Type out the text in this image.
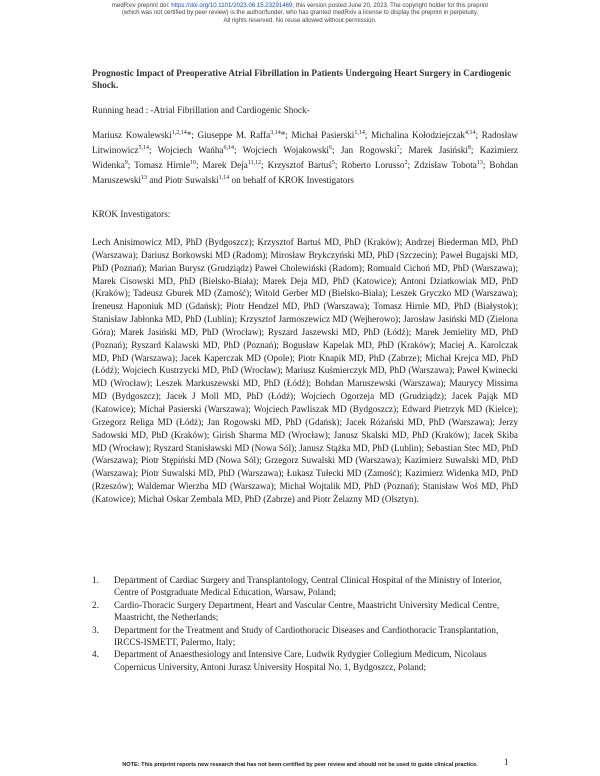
medRxiv preprint doi: https://doi.org/10.1101/2023.06.15.23291469; this version posted June 20, 2023. The copyright holder for this preprint
(which was not certified by peer review) is the author/funder, who has granted medRxiv a license to display the preprint in perpetuity.
All rights reserved. No reuse allowed without permission.
Prognostic Impact of Preoperative Atrial Fibrillation in Patients Undergoing Heart Surgery in Cardiogenic Shock.
Running head : -Atrial Fibrillation and Cardiogenic Shock-
Mariusz Kowalewski$^{1,2,14}$*; Giuseppe M. Raffa$^{3,14}$*; Michał Pasierski$^{1,14}$; Michalina Kołodziejczak$^{4,14}$; Radosław Litwinowicz$^{5,14}$; Wojciech Wańha$^{6,14}$; Wojciech Wojakowski$^6$; Jan Rogowski$^7$; Marek Jasiński$^8$; Kazimierz Widenka$^9$; Tomasz Hirnle$^{10}$; Marek Deja$^{11,12}$; Krzysztof Bartuś$^5$; Roberto Lorusso$^2$; Zdzisław Tobota$^{13}$; Bohdan Maruszewski$^{13}$ and Piotr Suwalski$^{1,14}$ on behalf of KROK Investigators
KROK Investigators:
Lech Anisimowicz MD, PhD (Bydgoszcz); Krzysztof Bartuś MD, PhD (Kraków); Andrzej Biederman MD, PhD (Warszawa); Dariusz Borkowski MD (Radom); Mirosław Brykczyński MD, PhD (Szczecin); Paweł Bugajski MD, PhD (Poznań); Marian Burysz (Grudziądz) Paweł Cholewiński (Radom); Romuald Cichoń MD, PhD (Warszawa); Marek Cisowski MD, PhD (Bielsko-Biała); Marek Deja MD, PhD (Katowice); Antoni Dziatkowiak MD, PhD (Kraków); Tadeusz Gburek MD (Zamość); Witold Gerber MD (Bielsko-Biała); Leszek Gryczko MD (Warszawa); Ireneusz Haponiuk MD (Gdańsk); Piotr Hendzel MD, PhD (Warszawa); Tomasz Hirnle MD, PhD (Białystok); Stanisław Jabłonka MD, PhD (Lublin); Krzysztof Jarmoszewicz MD (Wejherowo); Jarosław Jasiński MD (Zielona Góra); Marek Jasiński MD, PhD (Wrocław); Ryszard Jaszewski MD, PhD (Łódź); Marek Jemielity MD, PhD (Poznań); Ryszard Kalawski MD, PhD (Poznań); Bogusław Kapelak MD, PhD (Kraków); Maciej A. Karolczak MD, PhD (Warszawa); Jacek Kaperczak MD (Opole); Piotr Knapik MD, PhD (Zabrze); Michał Krejca MD, PhD (Łódź); Wojciech Kustrzycki MD, PhD (Wrocław); Mariusz Kuśmierczyk MD, PhD (Warszawa); Paweł Kwinecki MD (Wrocław); Leszek Markuszewski MD, PhD (Łódź); Bohdan Maruszewski (Warszawa); Maurycy Missima MD (Bydgoszcz); Jacek J Moll MD, PhD (Łódź); Wojciech Ogorzeja MD (Grudziądz); Jacek Pająk MD (Katowice); Michał Pasierski (Warszawa); Wojciech Pawliszak MD (Bydgoszcz); Edward Pietrzyk MD (Kielce); Grzegorz Religa MD (Łódź); Jan Rogowski MD, PhD (Gdańsk); Jacek Różański MD, PhD (Warszawa); Jerzy Sadowski MD, PhD (Kraków); Girish Sharma MD (Wrocław); Janusz Skalski MD, PhD (Kraków); Jacek Skiba MD (Wrocław); Ryszard Stanisławski MD (Nowa Sól); Janusz Stążka MD, PhD (Lublin); Sebastian Stec MD, PhD (Warszawa); Piotr Stępiński MD (Nowa Sól); Grzegorz Suwalski MD (Warszawa); Kazimierz Suwalski MD, PhD (Warszawa); Piotr Suwalski MD, PhD (Warszawa); Łukasz Tułecki MD (Zamość); Kazimierz Widenka MD, PhD (Rzeszów); Waldemar Wierzba MD (Warszawa); Michał Wojtalik MD, PhD (Poznań); Stanisław Woś MD, PhD (Katowice); Michał Oskar Zembala MD, PhD (Zabrze) and Piotr Żelazny MD (Olsztyn).
1. Department of Cardiac Surgery and Transplantology, Central Clinical Hospital of the Ministry of Interior, Centre of Postgraduate Medical Education, Warsaw, Poland;
2. Cardio-Thoracic Surgery Department, Heart and Vascular Centre, Maastricht University Medical Centre, Maastricht, the Netherlands;
3. Department for the Treatment and Study of Cardiothoracic Diseases and Cardiothoracic Transplantation, IRCCS-ISMETT, Palermo, Italy;
4. Department of Anaesthesiology and Intensive Care, Ludwik Rydygier Collegium Medicum, Nicolaus Copernicus University, Antoni Jurasz University Hospital No. 1, Bydgoszcz, Poland;
1
NOTE: This preprint reports new research that has not been certified by peer review and should not be used to guide clinical practice.
